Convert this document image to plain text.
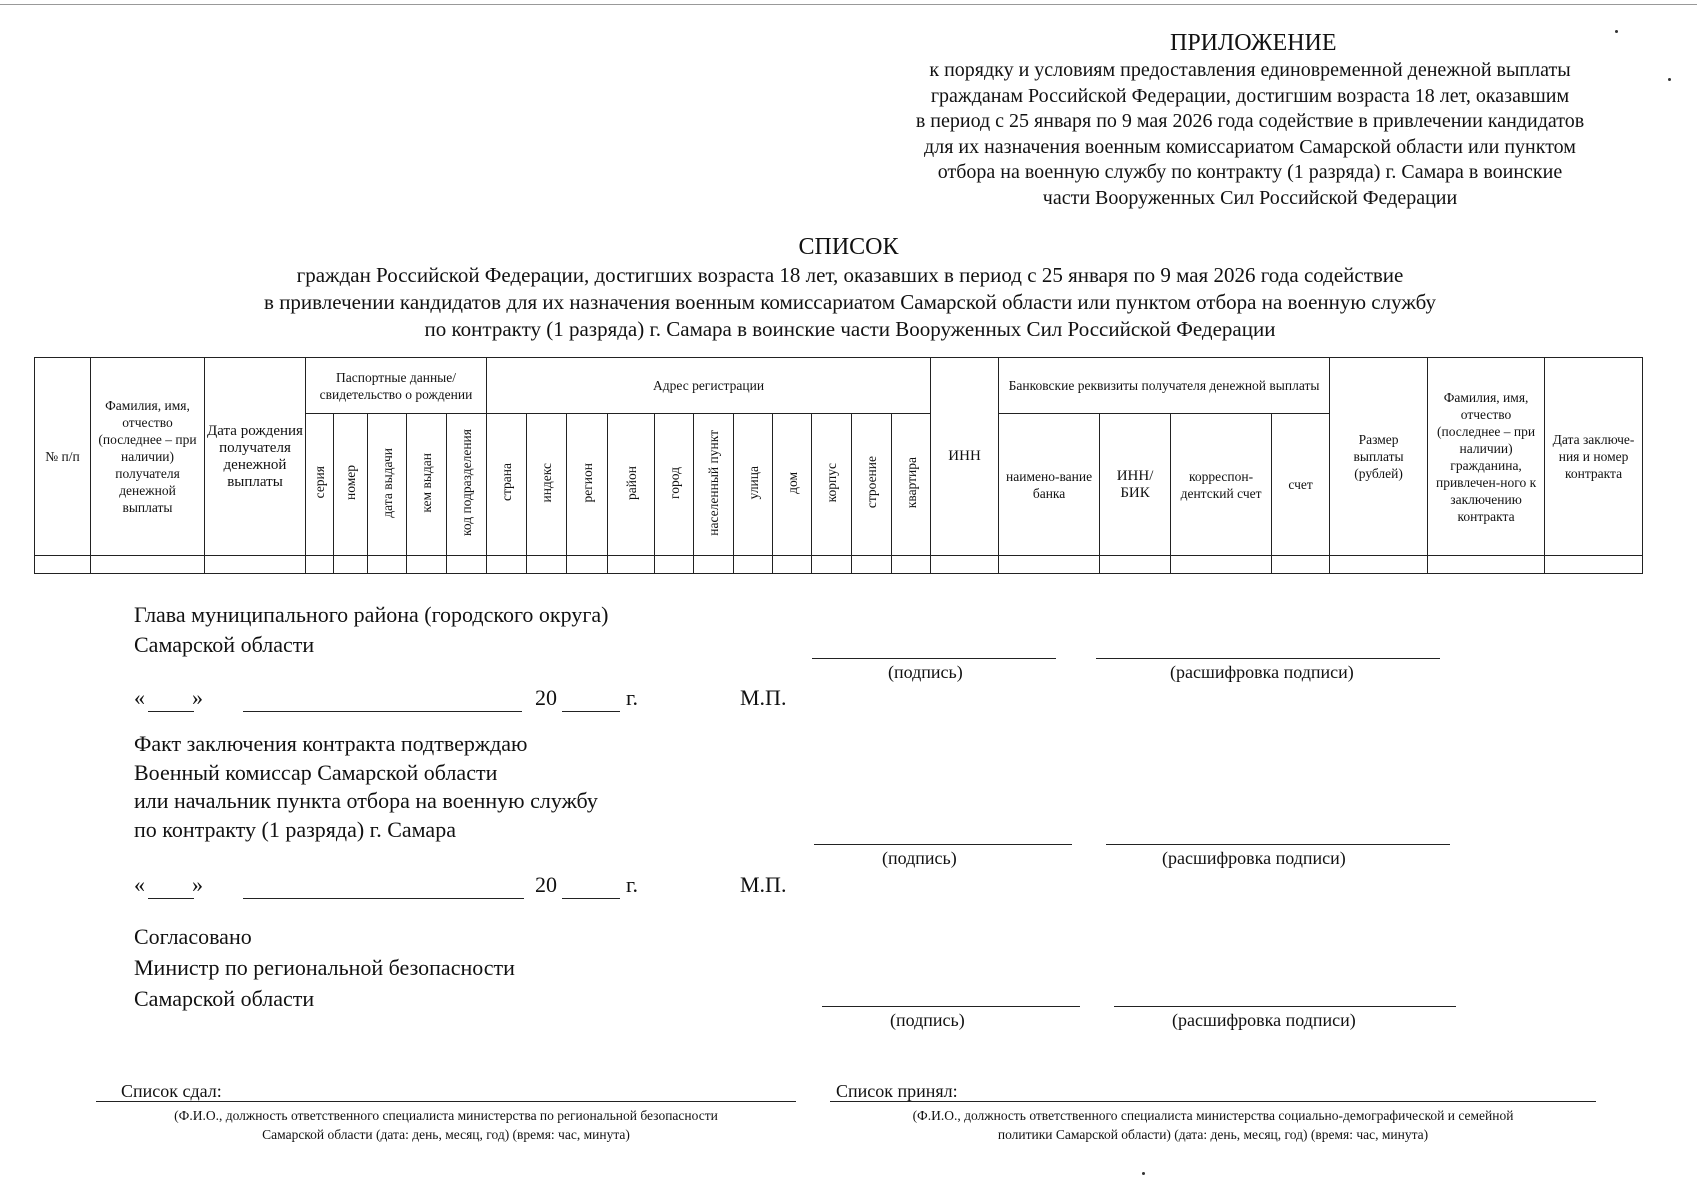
ПРИЛОЖЕНИЕ
к порядку и условиям предоставления единовременной денежной выплаты
гражданам Российской Федерации, достигшим возраста 18 лет, оказавшим
в период с 25 января по 9 мая 2026 года содействие в привлечении кандидатов
для их назначения военным комиссариатом Самарской области или пунктом
отбора на военную службу по контракту (1 разряда) г. Самара в воинские
части Вооруженных Сил Российской Федерации
СПИСОК
граждан Российской Федерации, достигших возраста 18 лет, оказавших в период с 25 января по 9 мая 2026 года содействие
в привлечении кандидатов для их назначения военным комиссариатом Самарской области или пунктом отбора на военную службу
по контракту (1 разряда) г. Самара в воинские части Вооруженных Сил Российской Федерации
№ п/п	Фамилия, имя, отчество (последнее – при наличии) получателя денежной выплаты	Дата рождения получателя денежной выплаты	Паспортные данные/ свидетельство о рождении					Адрес регистрации											ИНН	Банковские реквизиты получателя денежной выплаты				Размер выплаты (рублей)	Фамилия, имя, отчество (последнее – при наличии) гражданина, привлечен-ного к заключению контракта	Дата заключе-ния и номер контракта
			серия	номер	дата выдачи	кем выдан	код подразделения	страна	индекс	регион	район	город	населенный пункт	улица	дом	корпус	строение	квартира		наимено-вание банка	ИНН/ БИК	корреспон-дентский счет	счет			

Глава муниципального района (городского округа)
Самарской области
(подпись)	(расшифровка подписи)
« »	20	г.	М.П.
Факт заключения контракта подтверждаю
Военный комиссар Самарской области
или начальник пункта отбора на военную службу
по контракту (1 разряда) г. Самара
(подпись)	(расшифровка подписи)
« »	20	г.	М.П.
Согласовано
Министр по региональной безопасности
Самарской области
(подпись)	(расшифровка подписи)
Список сдал:
(Ф.И.О., должность ответственного специалиста министерства по региональной безопасности
Самарской области (дата: день, месяц, год) (время: час, минута)
Список принял:
(Ф.И.О., должность ответственного специалиста министерства социально-демографической и семейной
политики Самарской области) (дата: день, месяц, год) (время: час, минута)
